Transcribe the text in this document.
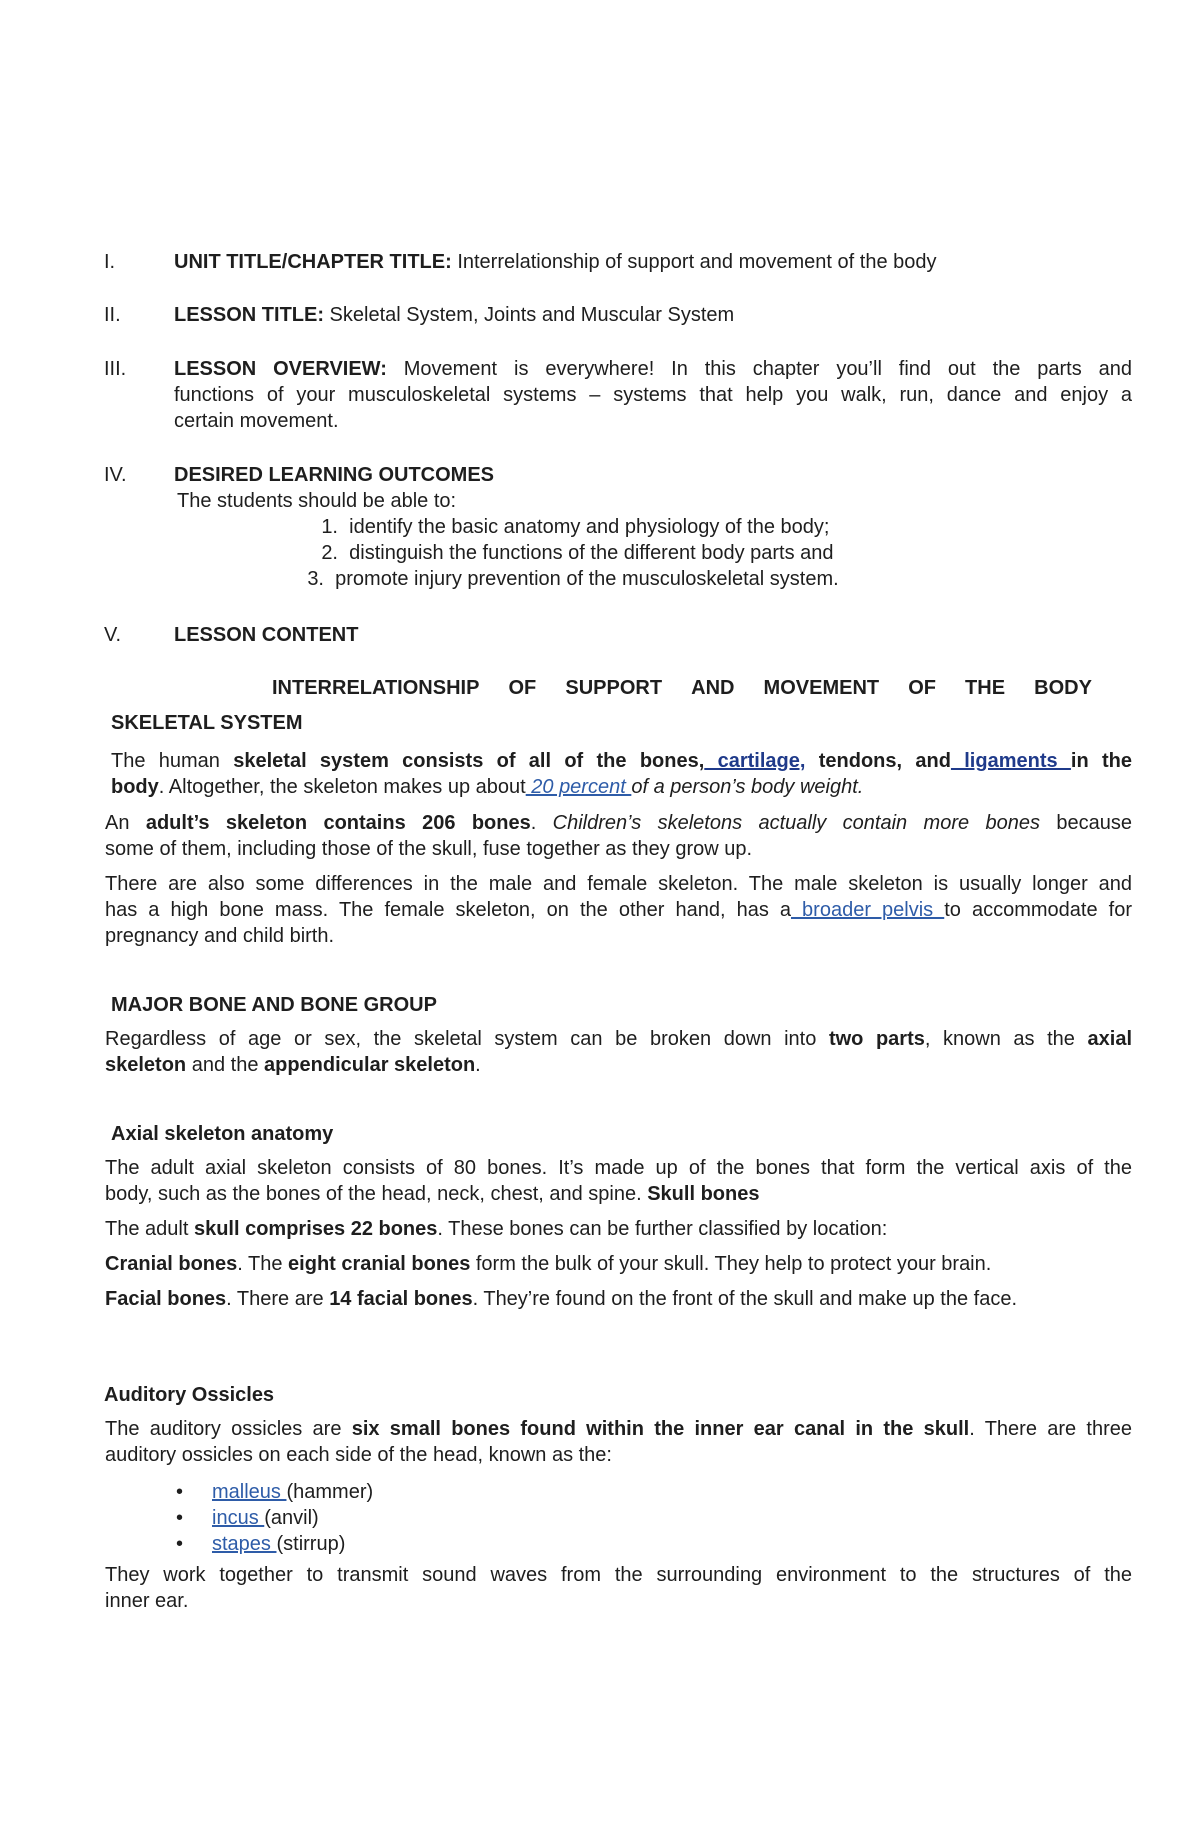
I.	UNIT TITLE/CHAPTER TITLE: Interrelationship of support and movement of the body
II.	LESSON TITLE: Skeletal System, Joints and Muscular System
III. LESSON OVERVIEW: Movement is everywhere! In this chapter you’ll find out the parts and
functions of your musculoskeletal systems – systems that help you walk, run, dance and enjoy a
certain movement.
IV. DESIRED LEARNING OUTCOMES
The students should be able to:
1. identify the basic anatomy and physiology of the body;
2. distinguish the functions of the different body parts and
3. promote injury prevention of the musculoskeletal system.
V.	LESSON CONTENT
INTERRELATIONSHIP OF SUPPORT AND MOVEMENT OF THE BODY
SKELETAL SYSTEM
The human skeletal system consists of all of the bones, cartilage, tendons, and ligaments in the
body. Altogether, the skeleton makes up about 20 percent of a person’s body weight.
An adult’s skeleton contains 206 bones. Children’s skeletons actually contain more bones because
some of them, including those of the skull, fuse together as they grow up.
There are also some differences in the male and female skeleton. The male skeleton is usually longer and
has a high bone mass. The female skeleton, on the other hand, has a broader pelvis to accommodate for
pregnancy and child birth.
MAJOR BONE AND BONE GROUP
Regardless of age or sex, the skeletal system can be broken down into two parts, known as the axial
skeleton and the appendicular skeleton.
Axial skeleton anatomy
The adult axial skeleton consists of 80 bones. It’s made up of the bones that form the vertical axis of the
body, such as the bones of the head, neck, chest, and spine. Skull bones
The adult skull comprises 22 bones. These bones can be further classified by location:
Cranial bones. The eight cranial bones form the bulk of your skull. They help to protect your brain.
Facial bones. There are 14 facial bones. They’re found on the front of the skull and make up the face.
Auditory Ossicles
The auditory ossicles are six small bones found within the inner ear canal in the skull. There are three
auditory ossicles on each side of the head, known as the:
• malleus (hammer)
• incus (anvil)
• stapes (stirrup)
They work together to transmit sound waves from the surrounding environment to the structures of the
inner ear.
